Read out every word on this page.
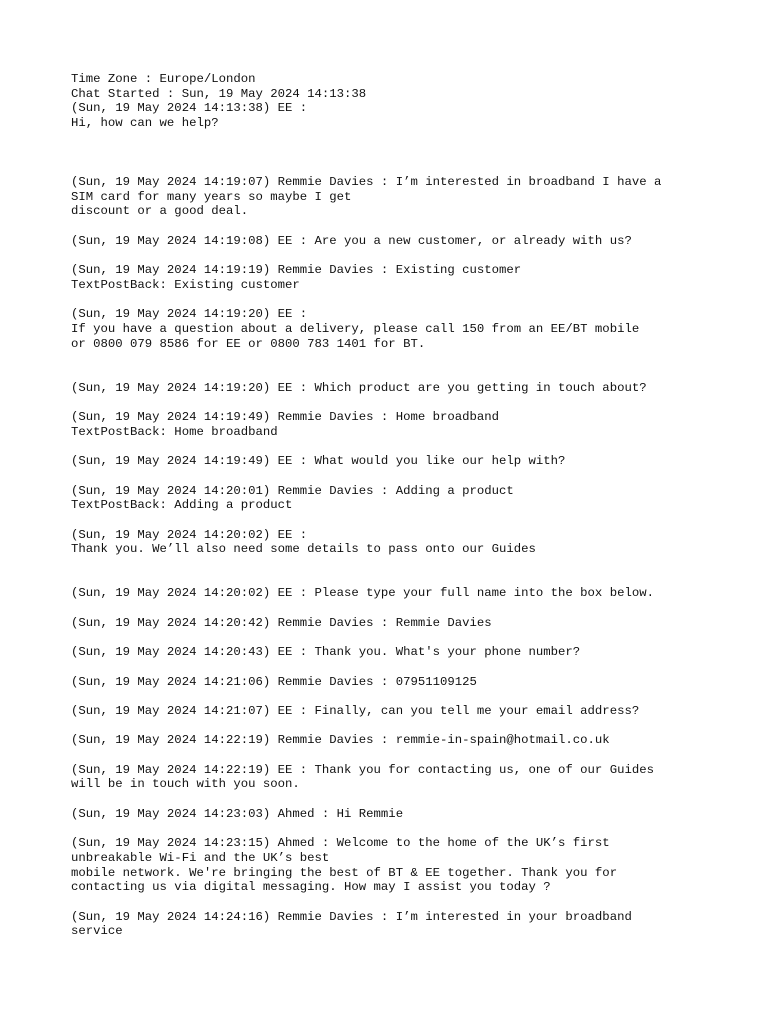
Time Zone : Europe/London
Chat Started : Sun, 19 May 2024 14:13:38
(Sun, 19 May 2024 14:13:38) EE :
Hi, how can we help?
(Sun, 19 May 2024 14:19:07) Remmie Davies : I’m interested in broadband I have a
SIM card for many years so maybe I get
discount or a good deal.
(Sun, 19 May 2024 14:19:08) EE : Are you a new customer, or already with us?
(Sun, 19 May 2024 14:19:19) Remmie Davies : Existing customer
TextPostBack: Existing customer
(Sun, 19 May 2024 14:19:20) EE :
If you have a question about a delivery, please call 150 from an EE/BT mobile
or 0800 079 8586 for EE or 0800 783 1401 for BT.
(Sun, 19 May 2024 14:19:20) EE : Which product are you getting in touch about?
(Sun, 19 May 2024 14:19:49) Remmie Davies : Home broadband
TextPostBack: Home broadband
(Sun, 19 May 2024 14:19:49) EE : What would you like our help with?
(Sun, 19 May 2024 14:20:01) Remmie Davies : Adding a product
TextPostBack: Adding a product
(Sun, 19 May 2024 14:20:02) EE :
Thank you. We’ll also need some details to pass onto our Guides
(Sun, 19 May 2024 14:20:02) EE : Please type your full name into the box below.
(Sun, 19 May 2024 14:20:42) Remmie Davies : Remmie Davies
(Sun, 19 May 2024 14:20:43) EE : Thank you. What's your phone number?
(Sun, 19 May 2024 14:21:06) Remmie Davies : 07951109125
(Sun, 19 May 2024 14:21:07) EE : Finally, can you tell me your email address?
(Sun, 19 May 2024 14:22:19) Remmie Davies : remmie-in-spain@hotmail.co.uk
(Sun, 19 May 2024 14:22:19) EE : Thank you for contacting us, one of our Guides
will be in touch with you soon.
(Sun, 19 May 2024 14:23:03) Ahmed : Hi Remmie
(Sun, 19 May 2024 14:23:15) Ahmed : Welcome to the home of the UK’s first
unbreakable Wi-Fi and the UK’s best
mobile network. We're bringing the best of BT & EE together. Thank you for
contacting us via digital messaging. How may I assist you today ?
(Sun, 19 May 2024 14:24:16) Remmie Davies : I’m interested in your broadband
service
